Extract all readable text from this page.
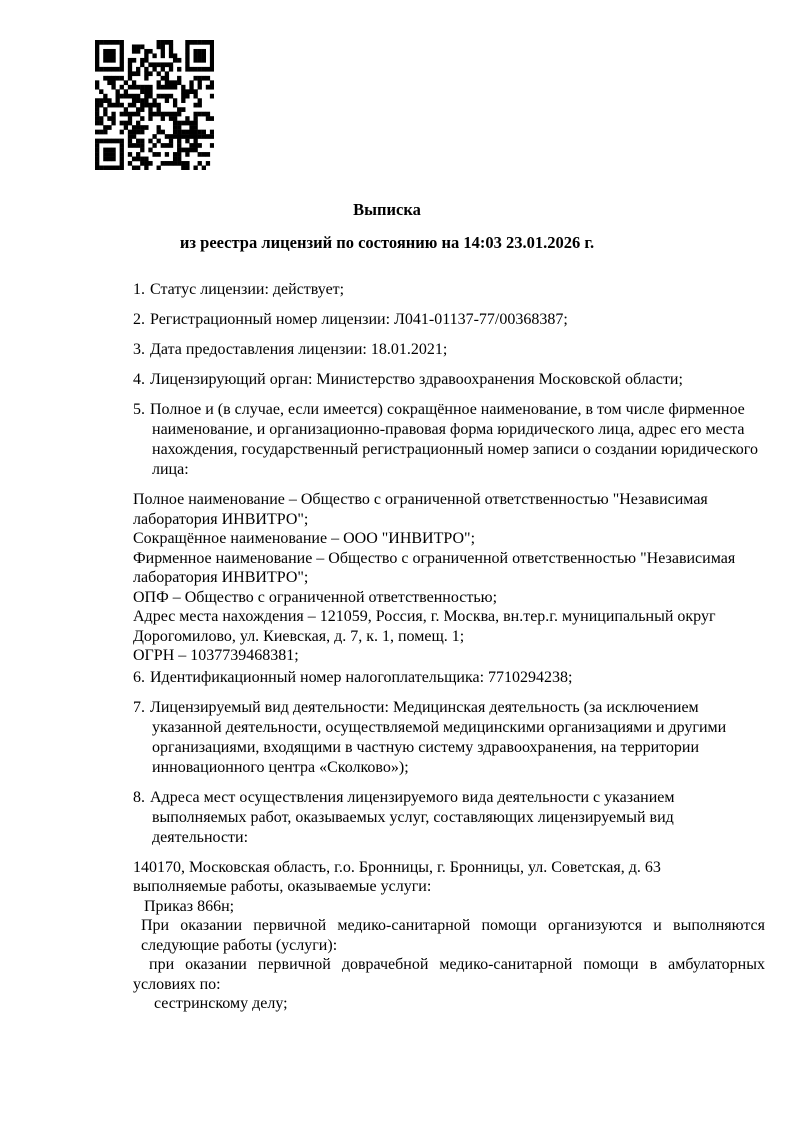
Выписка
из реестра лицензий по состоянию на 14:03 23.01.2026 г.

1. Статус лицензии: действует;

2. Регистрационный номер лицензии: Л041-01137-77/00368387;

3. Дата предоставления лицензии: 18.01.2021;

4. Лицензирующий орган: Министерство здравоохранения Московской области;

5. Полное и (в случае, если имеется) сокращённое наименование, в том числе фирменное наименование, и организационно-правовая форма юридического лица, адрес его места нахождения, государственный регистрационный номер записи о создании юридического лица:

Полное наименование – Общество с ограниченной ответственностью "Независимая лаборатория ИНВИТРО";
Сокращённое наименование – ООО "ИНВИТРО";
Фирменное наименование – Общество с ограниченной ответственностью "Независимая лаборатория ИНВИТРО";
ОПФ – Общество с ограниченной ответственностью;
Адрес места нахождения – 121059, Россия, г. Москва, вн.тер.г. муниципальный округ Дорогомилово, ул. Киевская, д. 7, к. 1, помещ. 1;
ОГРН – 1037739468381;

6. Идентификационный номер налогоплательщика: 7710294238;

7. Лицензируемый вид деятельности: Медицинская деятельность (за исключением указанной деятельности, осуществляемой медицинскими организациями и другими организациями, входящими в частную систему здравоохранения, на территории инновационного центра «Сколково»);

8. Адреса мест осуществления лицензируемого вида деятельности с указанием выполняемых работ, оказываемых услуг, составляющих лицензируемый вид деятельности:

140170, Московская область, г.о. Бронницы, г. Бронницы, ул. Советская, д. 63
выполняемые работы, оказываемые услуги:
Приказ 866н;
При оказании первичной медико-санитарной помощи организуются и выполняются следующие работы (услуги):
при оказании первичной доврачебной медико-санитарной помощи в амбулаторных условиях по:
сестринскому делу;
